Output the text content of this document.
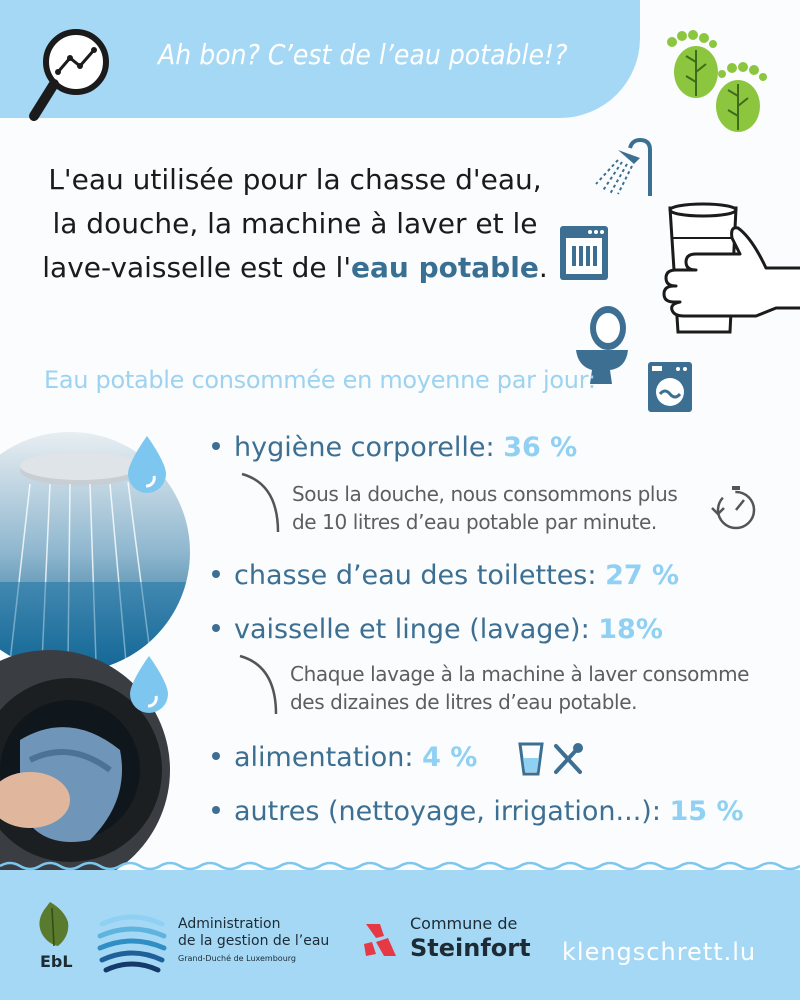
Ah bon? C’est de l’eau potable!?
L'eau utilisée pour la chasse d'eau, la douche, la machine à laver et le lave-vaisselle est de l'eau potable.
Eau potable consommée en moyenne par jour:
hygiène corporelle: 36 %
Sous la douche, nous consommons plus
de 10 litres d’eau potable par minute.
chasse d’eau des toilettes: 27 %
vaisselle et linge (lavage): 18%
Chaque lavage à la machine à laver consomme
des dizaines de litres d’eau potable.
alimentation: 4 %
autres (nettoyage, irrigation...): 15 %
EbL
Administration
de la gestion de l’eau
Grand-Duché de Luxembourg
Commune de
Steinfort klengschrett.lu
